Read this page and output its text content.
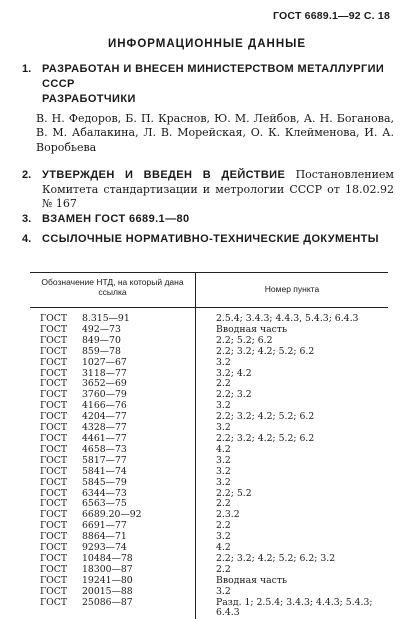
ГОСТ 6689.1—92 С. 18
ИНФОРМАЦИОННЫЕ ДАННЫЕ
1. РАЗРАБОТАН И ВНЕСЕН МИНИСТЕРСТВОМ МЕТАЛЛУРГИИ СССР
РАЗРАБОТЧИКИ
В. Н. Федоров, Б. П. Краснов, Ю. М. Лейбов, А. Н. Боганова, В. М. Абалакина, Л. В. Морейская, О. К. Клейменова, И. А. Воробьева
2. УТВЕРЖДЕН И ВВЕДЕН В ДЕЙСТВИЕ Постановлением Комитета стандартизации и метрологии СССР от 18.02.92 № 167
3. ВЗАМЕН ГОСТ 6689.1—80
4. ССЫЛОЧНЫЕ НОРМАТИВНО-ТЕХНИЧЕСКИЕ ДОКУМЕНТЫ
Обозначение НТД, на который дана ссылка	Номер пункта
ГОСТ 8.315—91
ГОСТ 492—73
ГОСТ 849—70
ГОСТ 859—78
ГОСТ 1027—67
ГОСТ 3118—77
ГОСТ 3652—69
ГОСТ 3760—79
ГОСТ 4166—76
ГОСТ 4204—77
ГОСТ 4328—77
ГОСТ 4461—77
ГОСТ 4658—73
ГОСТ 5817—77
ГОСТ 5841—74
ГОСТ 5845—79
ГОСТ 6344—73
ГОСТ 6563—75
ГОСТ 6689.20—92
ГОСТ 6691—77
ГОСТ 8864—71
ГОСТ 9293—74
ГОСТ 10484—78
ГОСТ 18300—87
ГОСТ 19241—80
ГОСТ 20015—88
ГОСТ 25086—87

2.5.4; 3.4.3; 4.4.3, 5.4.3; 6.4.3
Вводная часть
2.2; 5.2; 6.2
2.2; 3.2; 4.2; 5.2; 6.2
3.2
3.2; 4.2
2.2
2.2; 3.2
3.2
2.2; 3.2; 4.2; 5.2; 6.2
3.2
2.2; 3.2; 4.2; 5.2; 6.2
4.2
3.2
3.2
3.2
2.2; 5.2
2.2
2.3.2
2.2
3.2
4.2
2.2; 3.2; 4.2; 5.2; 6.2; 3.2
2.2
Вводная часть
3.2
Разд. 1; 2.5.4; 3.4.3; 4.4.3; 5.4.3;
6.4.3
